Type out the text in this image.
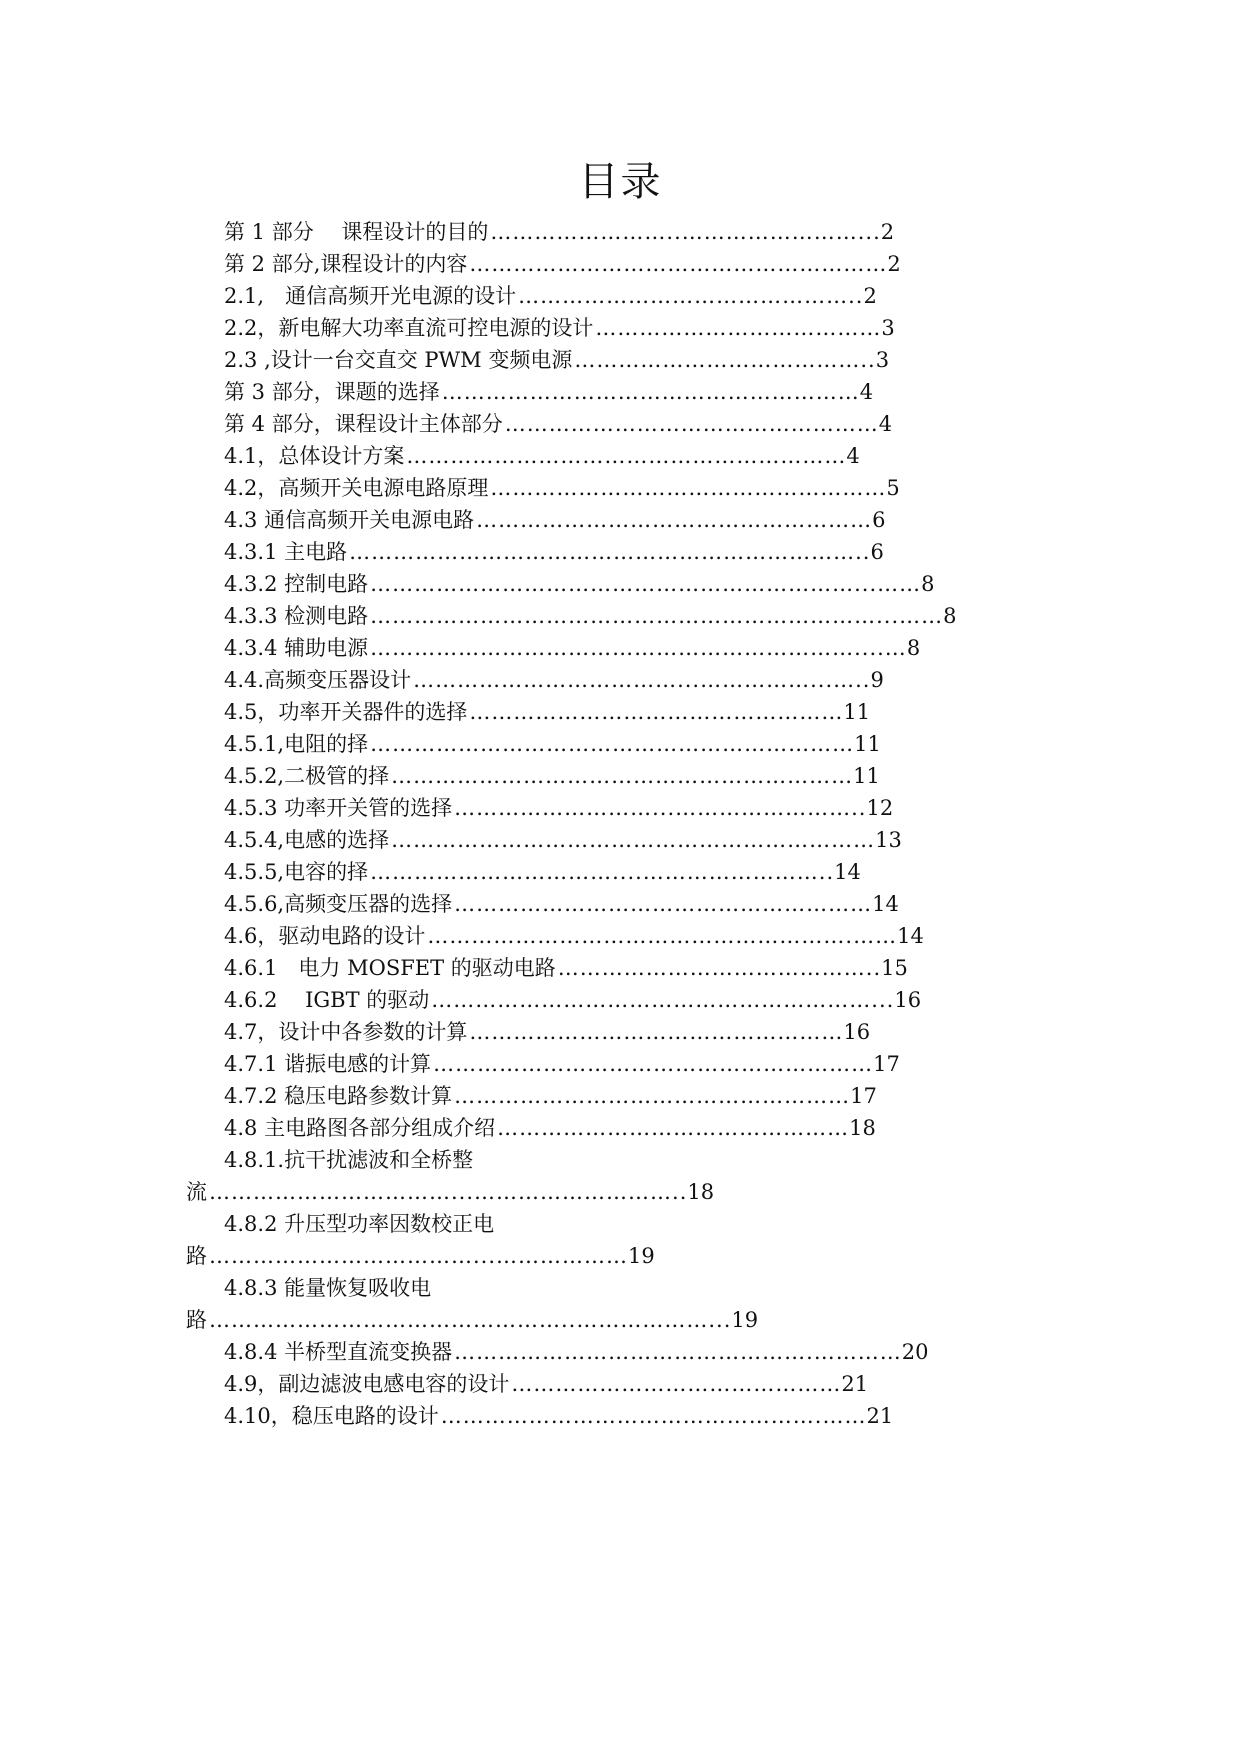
目录
第 1 部分　 课程设计的目的……………………..……………………...2
第 2 部分,课程设计的内容…………………………………………………2
2.1,　通信高频开光电源的设计………………………………………..2
2.2，新电解大功率直流可控电源的设计…………………………………3
2.3 ,设计一台交直交 PWM 变频电源…………………………………..3
第 3 部分，课题的选择…………………………………………………4
第 4 部分，课程设计主体部分……………………………………………4
4.1，总体设计方案……………………………………………………4
4.2，高频开关电源电路原理………………………………………………5
4.3 通信高频开关电源电路………………………………………………6
4.3.1 主电路……………………………………………………………..6
4.3.2 控制电路…………………………………………………………...……8
4.3.3 检测电路……………………………………………………………...……8
4.3.4 辅助电源…………………………………………………………....…8
4.4.高频变压器设计………………………………...……………...…..9
4.5，功率开关器件的选择……………………………………………11
4.5.1,电阻的择…………………………………………………………11
4.5.2,二极管的择………………………………………………………11
4.5.3 功率开关管的选择………………………...……………………..12
4.5.4,电感的选择…………………………………………………………13
4.5.5,电容的择……………………………....……………………..14
4.5.6,高频变压器的选择…………………………………………………14
4.6，驱动电路的设计………………………………………………….……14
4.6.1　电力 MOSFET 的驱动电路……………………………………..15
4.6.2　 IGBT 的驱动……………………………………………………...16
4.7，设计中各参数的计算……………………………………………16
4.7.1 谐振电感的计算……………………………………………………17
4.7.2 稳压电路参数计算………………………………………………17
4.8 主电路图各部分组成介绍…………………………………………18
4.8.1.抗干扰滤波和全桥整
流……………………………...………………………..18
4.8.2 升压型功率因数校正电
路………………………………...………………19
4.8.3 能量恢复吸收电
路…………………………………………..………………...19
4.8.4 半桥型直流变换器………………………………………….…………20
4.9，副边滤波电感电容的设计………………………………………21
4.10，稳压电路的设计…………………………………………….……21
